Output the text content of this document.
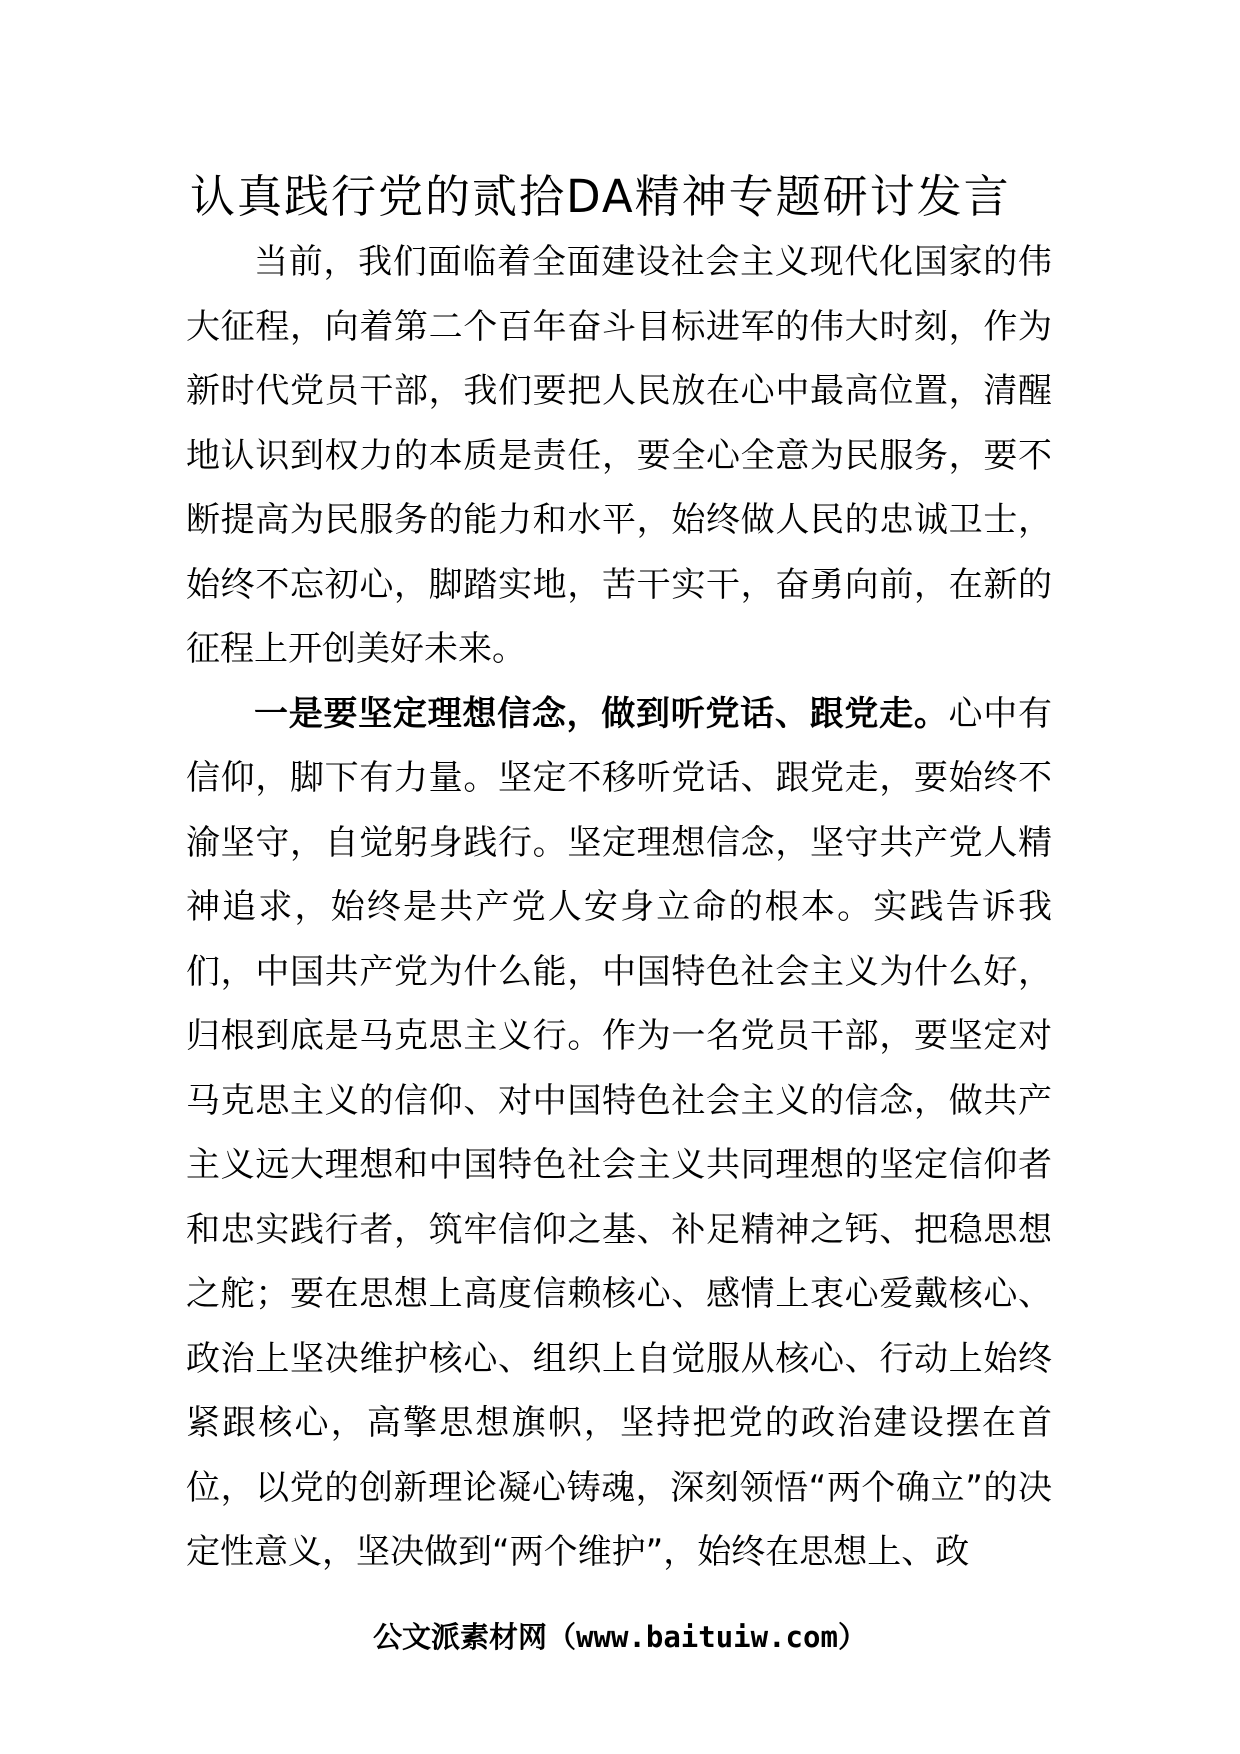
认真践行党的贰拾DA精神专题研讨发言

当前，我们面临着全面建设社会主义现代化国家的伟大征程，向着第二个百年奋斗目标进军的伟大时刻，作为新时代党员干部，我们要把人民放在心中最高位置，清醒地认识到权力的本质是责任，要全心全意为民服务，要不断提高为民服务的能力和水平，始终做人民的忠诚卫士，始终不忘初心，脚踏实地，苦干实干，奋勇向前，在新的征程上开创美好未来。

一是要坚定理想信念，做到听党话、跟党走。心中有信仰，脚下有力量。坚定不移听党话、跟党走，要始终不渝坚守，自觉躬身践行。坚定理想信念，坚守共产党人精神追求，始终是共产党人安身立命的根本。实践告诉我们，中国共产党为什么能，中国特色社会主义为什么好，归根到底是马克思主义行。作为一名党员干部，要坚定对马克思主义的信仰、对中国特色社会主义的信念，做共产主义远大理想和中国特色社会主义共同理想的坚定信仰者和忠实践行者，筑牢信仰之基、补足精神之钙、把稳思想之舵；要在思想上高度信赖核心、感情上衷心爱戴核心、政治上坚决维护核心、组织上自觉服从核心、行动上始终紧跟核心，高擎思想旗帜，坚持把党的政治建设摆在首位，以党的创新理论凝心铸魂，深刻领悟“两个确立”的决定性意义，坚决做到“两个维护”，始终在思想上、政

公文派素材网（www.baituiw.com）
